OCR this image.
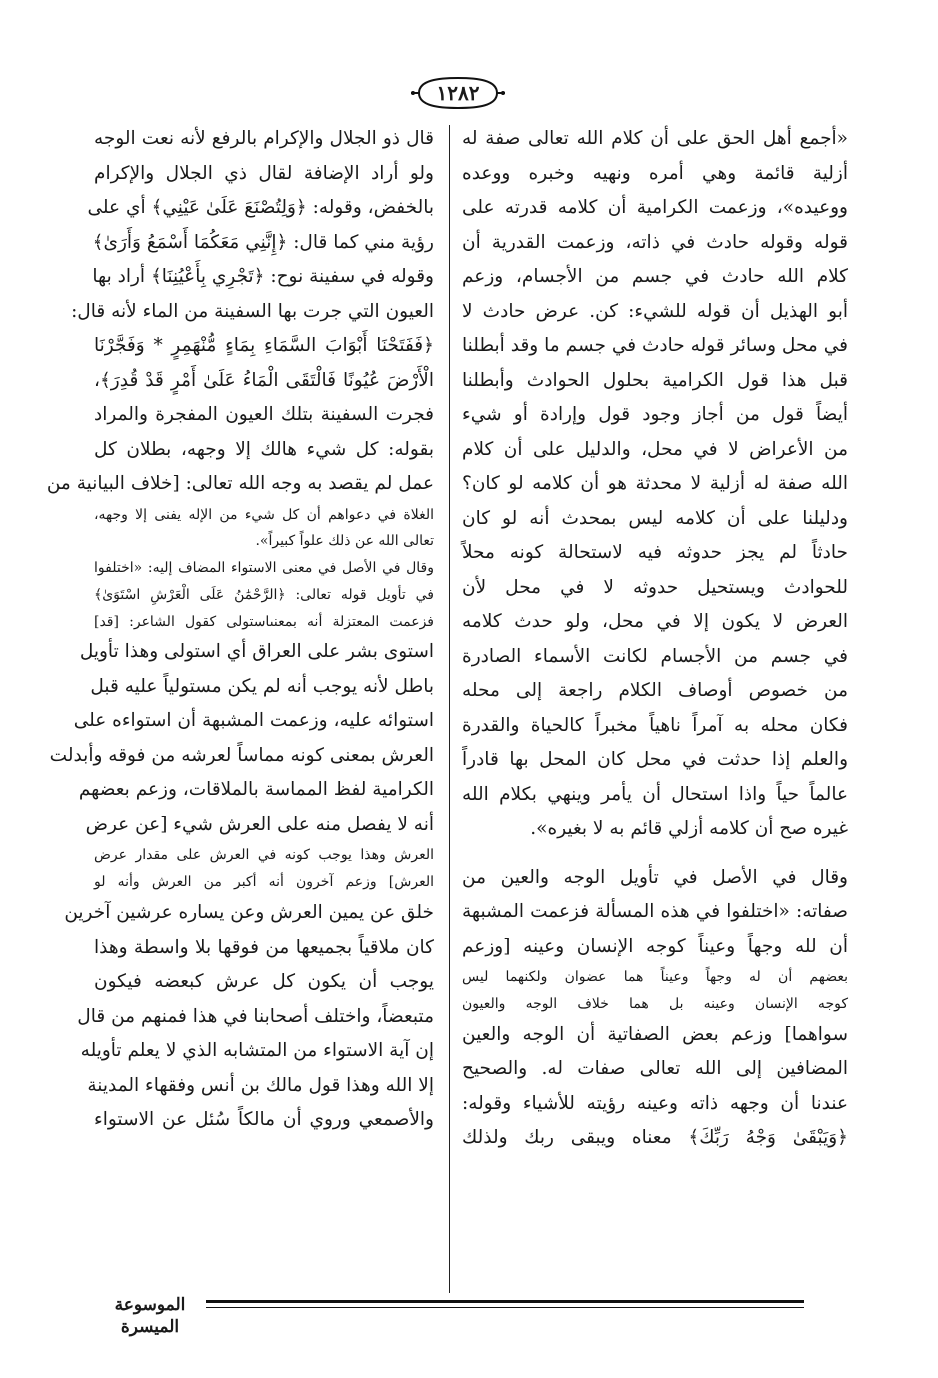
١٢٨٢
«أجمع أهل الحق على أن كلام الله تعالى صفة له
أزلية قائمة وهي أمره ونهيه وخبره ووعده
ووعيده»، وزعمت الكرامية أن كلامه قدرته على
قوله وقوله حادث في ذاته، وزعمت القدرية أن
كلام الله حادث في جسم من الأجسام، وزعم
أبو الهذيل أن قوله للشيء: كن. عرض حادث لا
في محل وسائر قوله حادث في جسم ما وقد أبطلنا
قبل هذا قول الكرامية بحلول الحوادث وأبطلنا
أيضاً قول من أجاز وجود قول وإرادة أو شيء
من الأعراض لا في محل، والدليل على أن كلام
الله صفة له أزلية لا محدثة هو أن كلامه لو كان؟
ودليلنا على أن كلامه ليس بمحدث أنه لو كان
حادثاً لم يجز حدوثه فيه لاستحالة كونه محلاً
للحوادث ويستحيل حدوثه لا في محل لأن
العرض لا يكون إلا في محل، ولو حدث كلامه
في جسم من الأجسام لكانت الأسماء الصادرة
من خصوص أوصاف الكلام راجعة إلى محله
فكان محله به آمراً ناهياً مخبراً كالحياة والقدرة
والعلم إذا حدثت في محل كان المحل بها قادراً
عالماً حياً واذا استحال أن يأمر وينهي بكلام الله
غيره صح أن كلامه أزلي قائم به لا بغيره».
وقال في الأصل في تأويل الوجه والعين من
صفاته: «اختلفوا في هذه المسألة فزعمت المشبهة
أن لله وجهاً وعيناً كوجه الإنسان وعينه [وزعم
بعضهم أن له وجهاً وعيناً هما عضوان ولكنهما ليس
كوجه الإنسان وعينه بل هما خلاف الوجه والعيون
سواهما] وزعم بعض الصفاتية أن الوجه والعين
المضافين إلى الله تعالى صفات له. والصحيح
عندنا أن وجهه ذاته وعينه رؤيته للأشياء وقوله:
﴿وَيَبْقَىٰ وَجْهُ رَبِّكَ﴾ معناه ويبقى ربك ولذلك
قال ذو الجلال والإكرام بالرفع لأنه نعت الوجه
ولو أراد الإضافة لقال ذي الجلال والإكرام
بالخفض، وقوله: ﴿وَلِتُصْنَعَ عَلَىٰ عَيْنِي﴾ أي على
رؤية مني كما قال: ﴿إِنَّنِي مَعَكُمَا أَسْمَعُ وَأَرَىٰ﴾
وقوله في سفينة نوح: ﴿تَجْرِي بِأَعْيُنِنَا﴾ أراد بها
العيون التي جرت بها السفينة من الماء لأنه قال:
﴿فَفَتَحْنَا أَبْوَابَ السَّمَاءِ بِمَاءٍ مُّنْهَمِرٍ * وَفَجَّرْنَا
الْأَرْضَ عُيُونًا فَالْتَقَى الْمَاءُ عَلَىٰ أَمْرٍ قَدْ قُدِرَ﴾،
فجرت السفينة بتلك العيون المفجرة والمراد
بقوله: كل شيء هالك إلا وجهه، بطلان كل
عمل لم يقصد به وجه الله تعالى: [خلاف البيانية من
الغلاة في دعواهم أن كل شيء من الإله يفنى إلا وجهه،
تعالى الله عن ذلك علواً كبيراً».
وقال في الأصل في معنى الاستواء المضاف إليه: «اختلفوا
في تأويل قوله تعالى: ﴿الرَّحْمَٰنُ عَلَى الْعَرْشِ اسْتَوَىٰ﴾
فزعمت المعتزلة أنه بمعنىاستولى كقول الشاعر: [قد]
استوى بشر على العراق أي استولى وهذا تأويل
باطل لأنه يوجب أنه لم يكن مستولياً عليه قبل
استوائه عليه، وزعمت المشبهة أن استواءه على
العرش بمعنى كونه مماساً لعرشه من فوقه وأبدلت
الكرامية لفظ المماسة بالملاقات، وزعم بعضهم
أنه لا يفصل منه على العرش شيء [عن عرض
العرش وهذا يوجب كونه في العرش على مقدار عرض
العرش] وزعم آخرون أنه أكبر من العرش وأنه لو
خلق عن يمين العرش وعن يساره عرشين آخرين
كان ملاقياً بجميعها من فوقها بلا واسطة وهذا
يوجب أن يكون كل عرش كبعضه فيكون
متبعضاً، واختلف أصحابنا في هذا فمنهم من قال
إن آية الاستواء من المتشابه الذي لا يعلم تأويله
إلا الله وهذا قول مالك بن أنس وفقهاء المدينة
والأصمعي وروي أن مالكاً سُئل عن الاستواء
الموسوعة الميسرة
